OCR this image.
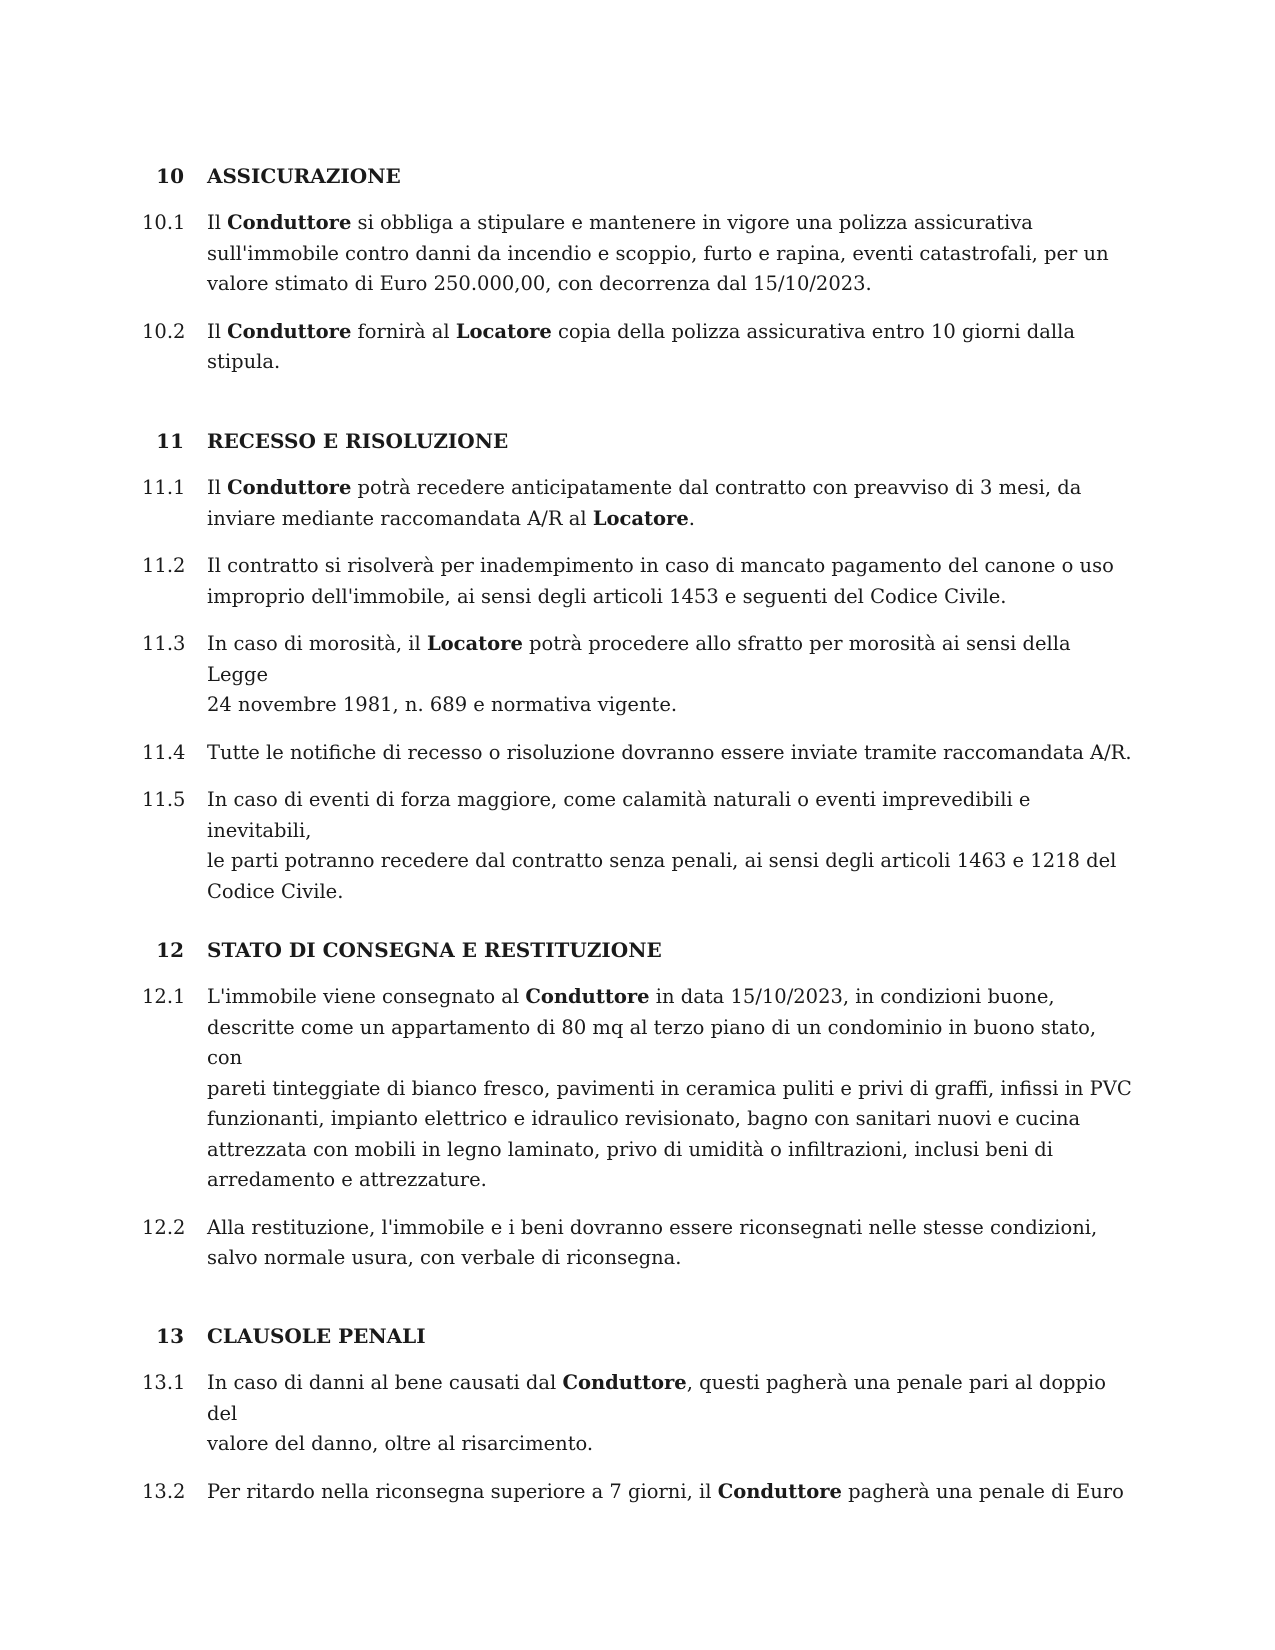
10 ASSICURAZIONE
10.1 Il Conduttore si obbliga a stipulare e mantenere in vigore una polizza assicurativa
sull'immobile contro danni da incendio e scoppio, furto e rapina, eventi catastrofali, per un
valore stimato di Euro 250.000,00, con decorrenza dal 15/10/2023.
10.2 Il Conduttore fornirà al Locatore copia della polizza assicurativa entro 10 giorni dalla stipula.
11 RECESSO E RISOLUZIONE
11.1 Il Conduttore potrà recedere anticipatamente dal contratto con preavviso di 3 mesi, da
inviare mediante raccomandata A/R al Locatore.
11.2 Il contratto si risolverà per inadempimento in caso di mancato pagamento del canone o uso
improprio dell'immobile, ai sensi degli articoli 1453 e seguenti del Codice Civile.
11.3 In caso di morosità, il Locatore potrà procedere allo sfratto per morosità ai sensi della Legge
24 novembre 1981, n. 689 e normativa vigente.
11.4 Tutte le notifiche di recesso o risoluzione dovranno essere inviate tramite raccomandata A/R.
11.5 In caso di eventi di forza maggiore, come calamità naturali o eventi imprevedibili e inevitabili,
le parti potranno recedere dal contratto senza penali, ai sensi degli articoli 1463 e 1218 del
Codice Civile.
12 STATO DI CONSEGNA E RESTITUZIONE
12.1 L'immobile viene consegnato al Conduttore in data 15/10/2023, in condizioni buone,
descritte come un appartamento di 80 mq al terzo piano di un condominio in buono stato, con
pareti tinteggiate di bianco fresco, pavimenti in ceramica puliti e privi di graffi, infissi in PVC
funzionanti, impianto elettrico e idraulico revisionato, bagno con sanitari nuovi e cucina
attrezzata con mobili in legno laminato, privo di umidità o infiltrazioni, inclusi beni di
arredamento e attrezzature.
12.2 Alla restituzione, l'immobile e i beni dovranno essere riconsegnati nelle stesse condizioni,
salvo normale usura, con verbale di riconsegna.
13 CLAUSOLE PENALI
13.1 In caso di danni al bene causati dal Conduttore, questi pagherà una penale pari al doppio del
valore del danno, oltre al risarcimento.
13.2 Per ritardo nella riconsegna superiore a 7 giorni, il Conduttore pagherà una penale di Euro
